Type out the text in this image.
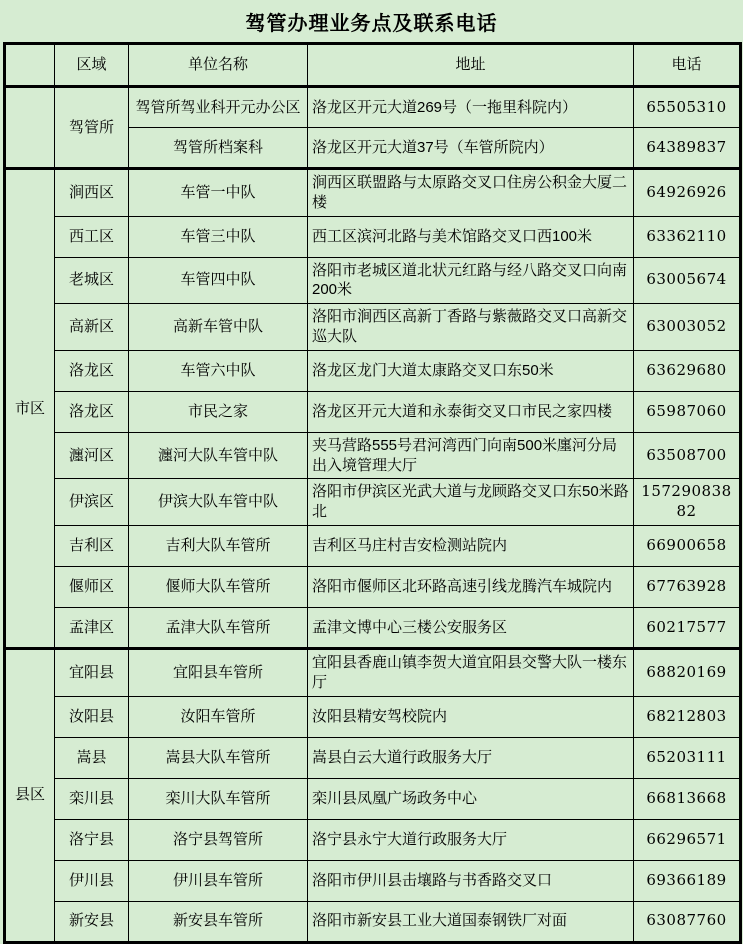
驾管办理业务点及联系电话
	区域	单位名称	地址	电话
	驾管所	驾管所驾业科开元办公区	洛龙区开元大道269号（一拖里科院内）	65505310
		驾管所档案科	洛龙区开元大道37号（车管所院内）	64389837
市区	涧西区	车管一中队	涧西区联盟路与太原路交叉口住房公积金大厦二楼	64926926
	西工区	车管三中队	西工区滨河北路与美术馆路交叉口西100米	63362110
	老城区	车管四中队	洛阳市老城区道北状元红路与经八路交叉口向南200米	63005674
	高新区	高新车管中队	洛阳市涧西区高新丁香路与紫薇路交叉口高新交巡大队	63003052
	洛龙区	车管六中队	洛龙区龙门大道太康路交叉口东50米	63629680
	洛龙区	市民之家	洛龙区开元大道和永泰街交叉口市民之家四楼	65987060
	瀍河区	瀍河大队车管中队	夹马营路555号君河湾西门向南500米廛河分局出入境管理大厅	63508700
	伊滨区	伊滨大队车管中队	洛阳市伊滨区光武大道与龙顾路交叉口东50米路北	15729083882
	吉利区	吉利大队车管所	吉利区马庄村吉安检测站院内	66900658
	偃师区	偃师大队车管所	洛阳市偃师区北环路高速引线龙腾汽车城院内	67763928
	孟津区	孟津大队车管所	孟津文博中心三楼公安服务区	60217577
县区	宜阳县	宜阳县车管所	宜阳县香鹿山镇李贺大道宜阳县交警大队一楼东厅	68820169
	汝阳县	汝阳车管所	汝阳县精安驾校院内	68212803
	嵩县	嵩县大队车管所	嵩县白云大道行政服务大厅	65203111
	栾川县	栾川大队车管所	栾川县凤凰广场政务中心	66813668
	洛宁县	洛宁县驾管所	洛宁县永宁大道行政服务大厅	66296571
	伊川县	伊川县车管所	洛阳市伊川县击壤路与书香路交叉口	69366189
	新安县	新安县车管所	洛阳市新安县工业大道国泰钢铁厂对面	63087760
